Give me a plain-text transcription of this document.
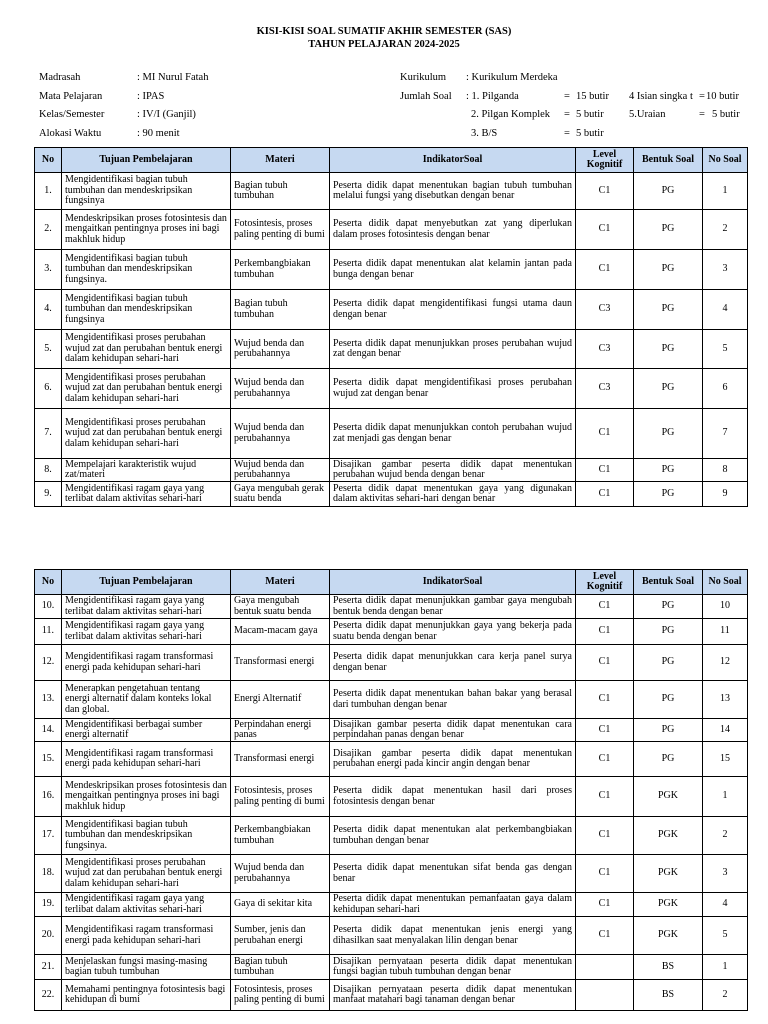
KISI-KISI SOAL SUMATIF AKHIR SEMESTER (SAS)
TAHUN PELAJARAN 2024-2025
Madrasah	: MI Nurul Fatah
Mata Pelajaran	: IPAS
Kelas/Semester	: IV/I (Ganjil)
Alokasi Waktu	: 90 menit
Kurikulum : Kurikulum Merdeka
Jumlah Soal : 1. Pilganda	= 15 butir
2. Pilgan Komplek = 5 butir
3. B/S	= 5 butir
4 Isian singka t = 10 butir
5.Uraian	= 5 butir
No	Tujuan Pembelajaran	Materi	IndikatorSoal	Level Kognitif	Bentuk Soal	No Soal
1.	Mengidentifikasi bagian tubuh tumbuhan dan mendeskripsikan fungsinya	Bagian tubuh tumbuhan	Peserta didik dapat menentukan bagian tubuh tumbuhan melalui fungsi yang disebutkan dengan benar	C1	PG	1
2.	Mendeskripsikan proses fotosintesis dan mengaitkan pentingnya proses ini bagi makhluk hidup	Fotosintesis, proses paling penting di bumi	Peserta didik dapat menyebutkan zat yang diperlukan dalam proses fotosintesis dengan benar	C1	PG	2
3.	Mengidentifikasi bagian tubuh tumbuhan dan mendeskripsikan fungsinya.	Perkembangbiakan tumbuhan	Peserta didik dapat menentukan alat kelamin jantan pada bunga dengan benar	C1	PG	3
4.	Mengidentifikasi bagian tubuh tumbuhan dan mendeskripsikan fungsinya	Bagian tubuh tumbuhan	Peserta didik dapat mengidentifikasi fungsi utama daun dengan benar	C3	PG	4
5.	Mengidentifikasi proses perubahan wujud zat dan perubahan bentuk energi dalam kehidupan sehari-hari	Wujud benda dan perubahannya	Peserta didik dapat menunjukkan proses perubahan wujud zat dengan benar	C3	PG	5
6.	Mengidentifikasi proses perubahan wujud zat dan perubahan bentuk energi dalam kehidupan sehari-hari	Wujud benda dan perubahannya	Peserta didik dapat mengidentifikasi proses perubahan wujud zat dengan benar	C3	PG	6
7.	Mengidentifikasi proses perubahan wujud zat dan perubahan bentuk energi dalam kehidupan sehari-hari	Wujud benda dan perubahannya	Peserta didik dapat menunjukkan contoh perubahan wujud zat menjadi gas dengan benar	C1	PG	7
8.	Mempelajari karakteristik wujud zat/materi	Wujud benda dan perubahannya	Disajikan gambar peserta didik dapat menentukan perubahan wujud benda dengan benar	C1	PG	8
9.	Mengidentifikasi ragam gaya yang terlibat dalam aktivitas sehari-hari	Gaya mengubah gerak suatu benda	Peserta didik dapat menentukan gaya yang digunakan dalam aktivitas sehari-hari dengan benar	C1	PG	9
No	Tujuan Pembelajaran	Materi	IndikatorSoal	Level Kognitif	Bentuk Soal	No Soal
10.	Mengidentifikasi ragam gaya yang terlibat dalam aktivitas sehari-hari	Gaya mengubah bentuk suatu benda	Peserta didik dapat menunjukkan gambar gaya mengubah bentuk benda dengan benar	C1	PG	10
11.	Mengidentifikasi ragam gaya yang terlibat dalam aktivitas sehari-hari	Macam-macam gaya	Peserta didik dapat menunjukkan gaya yang bekerja pada suatu benda dengan benar	C1	PG	11
12.	Mengidentifikasi ragam transformasi energi pada kehidupan sehari-hari	Transformasi energi	Peserta didik dapat menunjukkan cara kerja panel surya dengan benar	C1	PG	12
13.	Menerapkan pengetahuan tentang energi alternatif dalam konteks lokal dan global.	Energi Alternatif	Peserta didik dapat menentukan bahan bakar yang berasal dari tumbuhan dengan benar	C1	PG	13
14.	Mengidentifikasi berbagai sumber energi alternatif	Perpindahan energi panas	Disajikan gambar peserta didik dapat menentukan cara perpindahan panas dengan benar	C1	PG	14
15.	Mengidentifikasi ragam transformasi energi pada kehidupan sehari-hari	Transformasi energi	Disajikan gambar peserta didik dapat menentukan perubahan energi pada kincir angin dengan benar	C1	PG	15
16.	Mendeskripsikan proses fotosintesis dan mengaitkan pentingnya proses ini bagi makhluk hidup	Fotosintesis, proses paling penting di bumi	Peserta didik dapat menentukan hasil dari proses fotosintesis dengan benar	C1	PGK	1
17.	Mengidentifikasi bagian tubuh tumbuhan dan mendeskripsikan fungsinya.	Perkembangbiakan tumbuhan	Peserta didik dapat menentukan alat perkembangbiakan tumbuhan dengan benar	C1	PGK	2
18.	Mengidentifikasi proses perubahan wujud zat dan perubahan bentuk energi dalam kehidupan sehari-hari	Wujud benda dan perubahannya	Peserta didik dapat menentukan sifat benda gas dengan benar	C1	PGK	3
19.	Mengidentifikasi ragam gaya yang terlibat dalam aktivitas sehari-hari	Gaya di sekitar kita	Peserta didik dapat menentukan pemanfaatan gaya dalam kehidupan sehari-hari	C1	PGK	4
20.	Mengidentifikasi ragam transformasi energi pada kehidupan sehari-hari	Sumber, jenis dan perubahan energi	Peserta didik dapat menentukan jenis energi yang dihasilkan saat menyalakan lilin dengan benar	C1	PGK	5
21.	Menjelaskan fungsi masing-masing bagian tubuh tumbuhan	Bagian tubuh tumbuhan	Disajikan pernyataan peserta didik dapat menentukan fungsi bagian tubuh tumbuhan dengan benar		BS	1
22.	Memahami pentingnya fotosintesis bagi kehidupan di bumi	Fotosintesis, proses paling penting di bumi	Disajikan pernyataan peserta didik dapat menentukan manfaat matahari bagi tanaman dengan benar		BS	2
